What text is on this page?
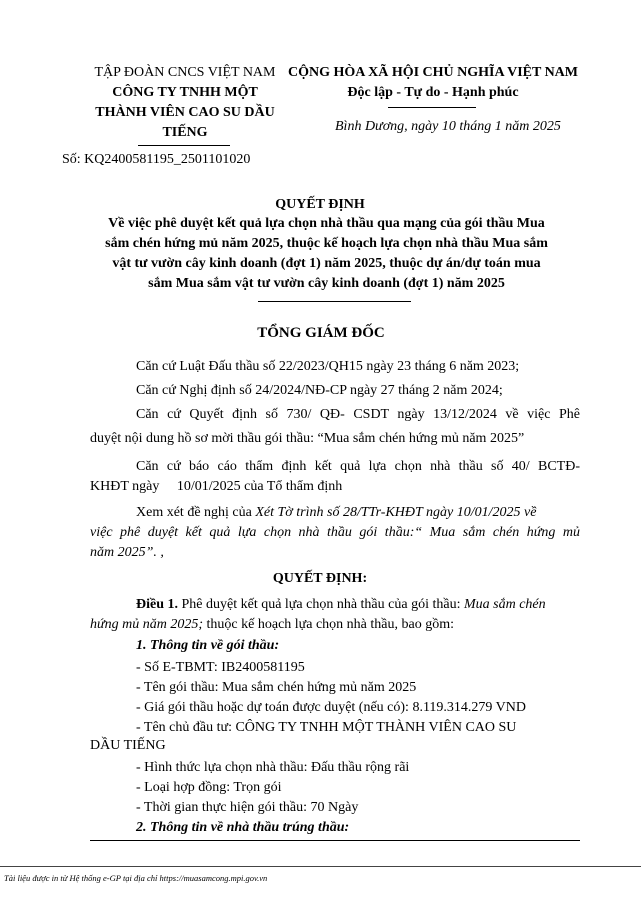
TẬP ĐOÀN CNCS VIỆT NAM
CÔNG TY TNHH MỘT
THÀNH VIÊN CAO SU DẦU
TIẾNG
Số: KQ2400581195_2501101020
CỘNG HÒA XÃ HỘI CHỦ NGHĨA VIỆT NAM
Độc lập - Tự do - Hạnh phúc
Bình Dương, ngày 10 tháng 1 năm 2025
QUYẾT ĐỊNH
Về việc phê duyệt kết quả lựa chọn nhà thầu qua mạng của gói thầu Mua
sắm chén hứng mủ năm 2025, thuộc kế hoạch lựa chọn nhà thầu Mua sắm
vật tư vườn cây kinh doanh (đợt 1) năm 2025, thuộc dự án/dự toán mua
sắm Mua sắm vật tư vườn cây kinh doanh (đợt 1) năm 2025
TỔNG GIÁM ĐỐC
Căn cứ Luật Đấu thầu số 22/2023/QH15 ngày 23 tháng 6 năm 2023;
Căn cứ Nghị định số 24/2024/NĐ-CP ngày 27 tháng 2 năm 2024;
Căn cứ Quyết định số 730/ QĐ- CSDT ngày 13/12/2024 về việc Phê
duyệt nội dung hồ sơ mời thầu gói thầu: “Mua sắm chén hứng mủ năm 2025”
Căn cứ báo cáo thẩm định kết quả lựa chọn nhà thầu số 40/ BCTĐ-
KHĐT ngày     10/01/2025 của Tổ thẩm định
Xem xét đề nghị của Xét Tờ trình số 28/TTr-KHĐT ngày 10/01/2025 về
việc phê duyệt kết quả lựa chọn nhà thầu gói thầu:“ Mua sắm chén hứng mủ
năm 2025”. ,
QUYẾT ĐỊNH:
Điều 1. Phê duyệt kết quả lựa chọn nhà thầu của gói thầu: Mua sắm chén
hứng mủ năm 2025; thuộc kế hoạch lựa chọn nhà thầu, bao gồm:
1. Thông tin về gói thầu:
- Số E-TBMT: IB2400581195
- Tên gói thầu: Mua sắm chén hứng mủ năm 2025
- Giá gói thầu hoặc dự toán được duyệt (nếu có): 8.119.314.279 VND
- Tên chủ đầu tư: CÔNG TY TNHH MỘT THÀNH VIÊN CAO SU
DẦU TIẾNG
- Hình thức lựa chọn nhà thầu: Đấu thầu rộng rãi
- Loại hợp đồng: Trọn gói
- Thời gian thực hiện gói thầu: 70 Ngày
2. Thông tin về nhà thầu trúng thầu:
Tài liệu được in từ Hệ thống e-GP tại địa chỉ https://muasamcong.mpi.gov.vn
